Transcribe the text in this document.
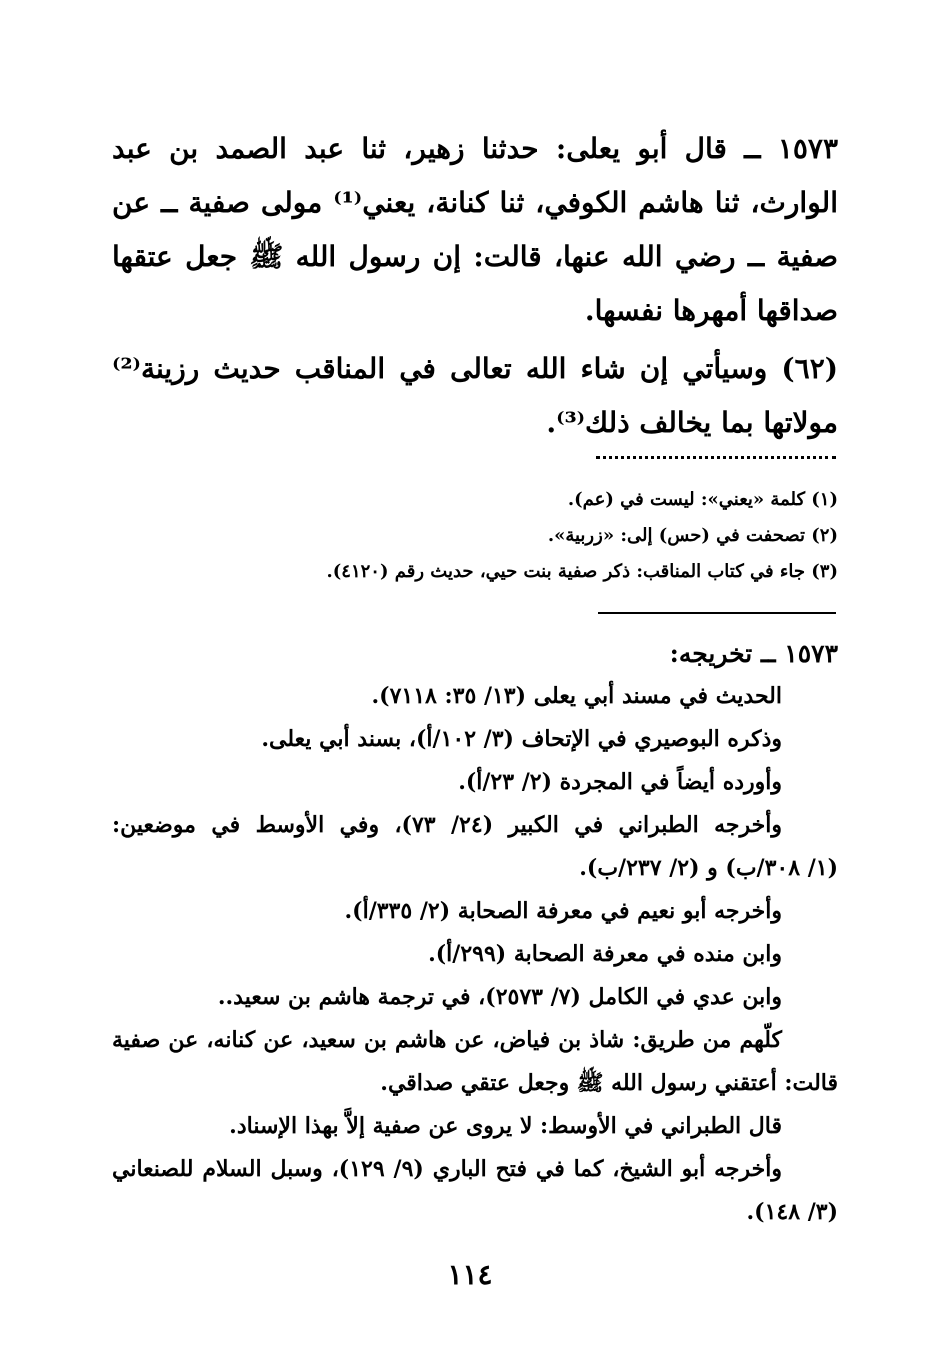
١٥٧٣ ــ قال أبو يعلى: حدثنا زهير، ثنا عبد الصمد بن عبد الوارث، ثنا هاشم الكوفي، ثنا كنانة، يعني⁽¹⁾ مولى صفية ــ عن صفية ــ رضي الله عنها، قالت: إن رسول الله ﷺ جعل عتقها صداقها أمهرها نفسها.

(٦٢) وسيأتي إن شاء الله تعالى في المناقب حديث رزينة⁽²⁾ مولاتها بما يخالف ذلك⁽³⁾.

(١) كلمة «يعني»: ليست في (عم).
(٢) تصحفت في (حس) إلى: «زربية».
(٣) جاء في كتاب المناقب: ذكر صفية بنت حيي، حديث رقم (٤١٢٠).
١٥٧٣ ــ تخريجه:
الحديث في مسند أبي يعلى (١٣/ ٣٥: ٧١١٨).
وذكره البوصيري في الإتحاف (٣/ ١٠٢/أ)، بسند أبي يعلى.
وأورده أيضاً في المجردة (٢/ ٢٣/أ).
وأخرجه الطبراني في الكبير (٢٤/ ٧٣)، وفي الأوسط في موضعين:
(١/ ٣٠٨/ب) و (٢/ ٢٣٧/ب).
وأخرجه أبو نعيم في معرفة الصحابة (٢/ ٣٣٥/أ).
وابن منده في معرفة الصحابة (٢٩٩/أ).
وابن عدي في الكامل (٧/ ٢٥٧٣)، في ترجمة هاشم بن سعيد..
كلّهم من طريق: شاذ بن فياض، عن هاشم بن سعيد، عن كنانه، عن صفية
قالت: أعتقني رسول الله ﷺ وجعل عتقي صداقي.
قال الطبراني في الأوسط: لا يروى عن صفية إلاَّ بهذا الإسناد.
وأخرجه أبو الشيخ، كما في فتح الباري (٩/ ١٢٩)، وسبل السلام للصنعاني
(٣/ ١٤٨).
١١٤
